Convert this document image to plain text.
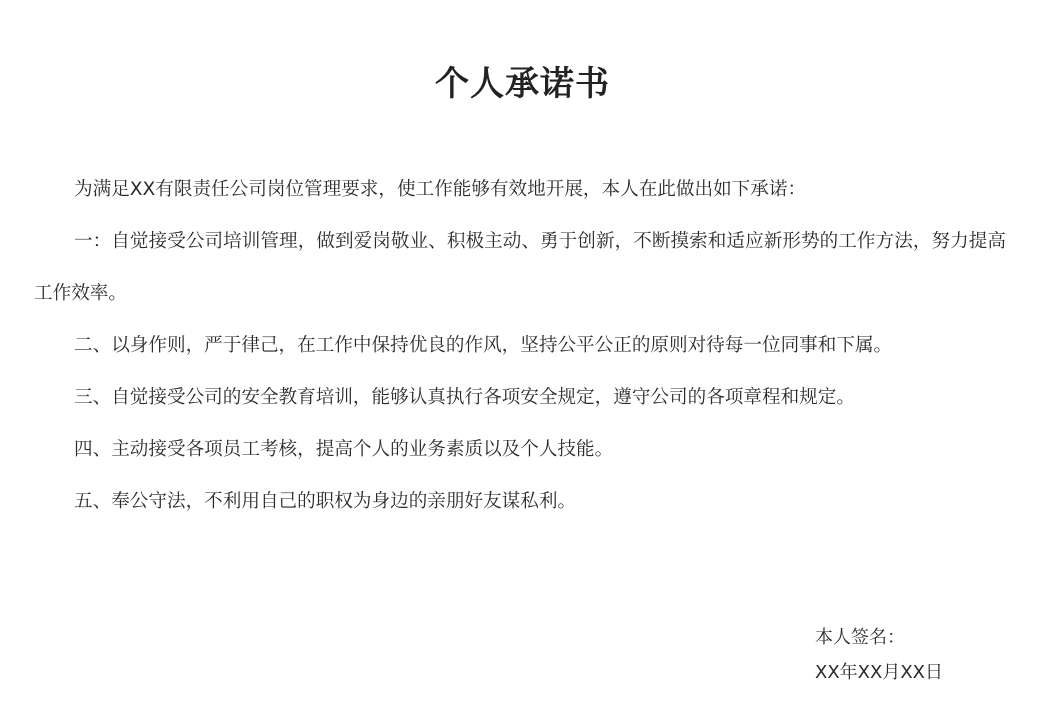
个人承诺书

为满足XX有限责任公司岗位管理要求，使工作能够有效地开展，本人在此做出如下承诺：

一：自觉接受公司培训管理，做到爱岗敬业、积极主动、勇于创新，不断摸索和适应新形势的工作方法，努力提高工作效率。

二、以身作则，严于律己，在工作中保持优良的作风，坚持公平公正的原则对待每一位同事和下属。

三、自觉接受公司的安全教育培训，能够认真执行各项安全规定，遵守公司的各项章程和规定。

四、主动接受各项员工考核，提高个人的业务素质以及个人技能。

五、奉公守法，不利用自己的职权为身边的亲朋好友谋私利。

本人签名：
XX年XX月XX日
